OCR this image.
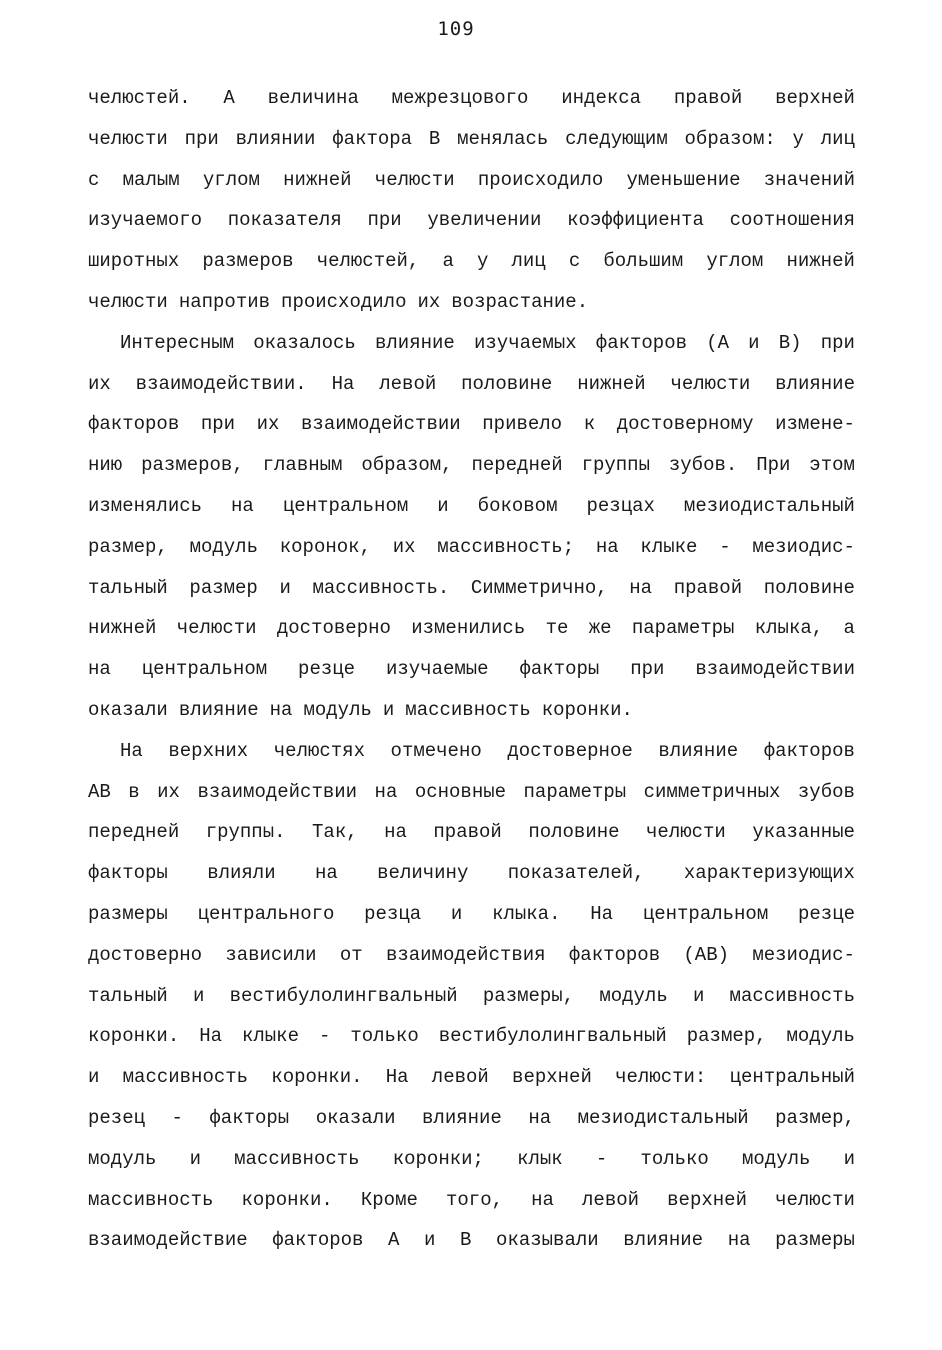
109
челюстей. А величина межрезцового индекса правой верхней
челюсти при влиянии фактора В менялась следующим образом: у лиц
с малым углом нижней челюсти происходило уменьшение значений
изучаемого показателя при увеличении коэффициента соотношения
широтных размеров челюстей, а у лиц с большим углом нижней
челюсти напротив происходило их возрастание.
Интересным оказалось влияние изучаемых факторов (А и В) при
их взаимодействии. На левой половине нижней челюсти влияние
факторов при их взаимодействии привело к достоверному измене-
нию размеров, главным образом, передней группы зубов. При этом
изменялись на центральном и боковом резцах мезиодистальный
размер, модуль коронок, их массивность; на клыке - мезиодис-
тальный размер и массивность. Симметрично, на правой половине
нижней челюсти достоверно изменились те же параметры клыка, а
на центральном резце изучаемые факторы при взаимодействии
оказали влияние на модуль и массивность коронки.
На верхних челюстях отмечено достоверное влияние факторов
АВ в их взаимодействии на основные параметры симметричных зубов
передней группы. Так, на правой половине челюсти указанные
факторы влияли на величину показателей, характеризующих
размеры центрального резца и клыка. На центральном резце
достоверно зависили от взаимодействия факторов (АВ) мезиодис-
тальный и вестибулолингвальный размеры, модуль и массивность
коронки. На клыке - только вестибулолингвальный размер, модуль
и массивность коронки. На левой верхней челюсти: центральный
резец - факторы оказали влияние на мезиодистальный размер,
модуль и массивность коронки; клык - только модуль и
массивность коронки. Кроме того, на левой верхней челюсти
взаимодействие факторов А и В оказывали влияние на размеры
